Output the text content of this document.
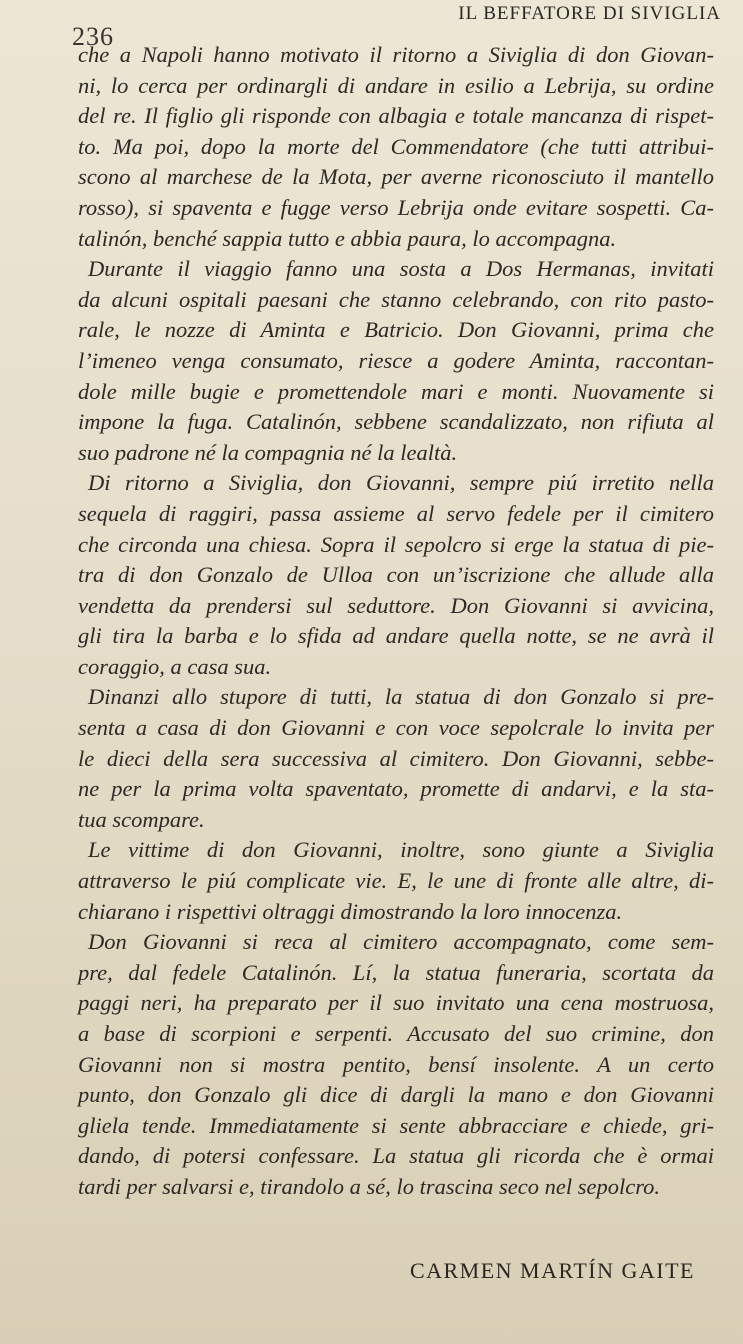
IL BEFFATORE DI SIVIGLIA
236
che a Napoli hanno motivato il ritorno a Siviglia di don Giovan-
ni, lo cerca per ordinargli di andare in esilio a Lebrija, su ordine
del re. Il figlio gli risponde con albagia e totale mancanza di rispet-
to. Ma poi, dopo la morte del Commendatore (che tutti attribui-
scono al marchese de la Mota, per averne riconosciuto il mantello
rosso), si spaventa e fugge verso Lebrija onde evitare sospetti. Ca-
talinón, benché sappia tutto e abbia paura, lo accompagna.
Durante il viaggio fanno una sosta a Dos Hermanas, invitati
da alcuni ospitali paesani che stanno celebrando, con rito pasto-
rale, le nozze di Aminta e Batricio. Don Giovanni, prima che
l’imeneo venga consumato, riesce a godere Aminta, raccontan-
dole mille bugie e promettendole mari e monti. Nuovamente si
impone la fuga. Catalinón, sebbene scandalizzato, non rifiuta al
suo padrone né la compagnia né la lealtà.
Di ritorno a Siviglia, don Giovanni, sempre piú irretito nella
sequela di raggiri, passa assieme al servo fedele per il cimitero
che circonda una chiesa. Sopra il sepolcro si erge la statua di pie-
tra di don Gonzalo de Ulloa con un’iscrizione che allude alla
vendetta da prendersi sul seduttore. Don Giovanni si avvicina,
gli tira la barba e lo sfida ad andare quella notte, se ne avrà il
coraggio, a casa sua.
Dinanzi allo stupore di tutti, la statua di don Gonzalo si pre-
senta a casa di don Giovanni e con voce sepolcrale lo invita per
le dieci della sera successiva al cimitero. Don Giovanni, sebbe-
ne per la prima volta spaventato, promette di andarvi, e la sta-
tua scompare.
Le vittime di don Giovanni, inoltre, sono giunte a Siviglia
attraverso le piú complicate vie. E, le une di fronte alle altre, di-
chiarano i rispettivi oltraggi dimostrando la loro innocenza.
Don Giovanni si reca al cimitero accompagnato, come sem-
pre, dal fedele Catalinón. Lí, la statua funeraria, scortata da
paggi neri, ha preparato per il suo invitato una cena mostruosa,
a base di scorpioni e serpenti. Accusato del suo crimine, don
Giovanni non si mostra pentito, bensí insolente. A un certo
punto, don Gonzalo gli dice di dargli la mano e don Giovanni
gliela tende. Immediatamente si sente abbracciare e chiede, gri-
dando, di potersi confessare. La statua gli ricorda che è ormai
tardi per salvarsi e, tirandolo a sé, lo trascina seco nel sepolcro.
CARMEN MARTÍN GAITE
